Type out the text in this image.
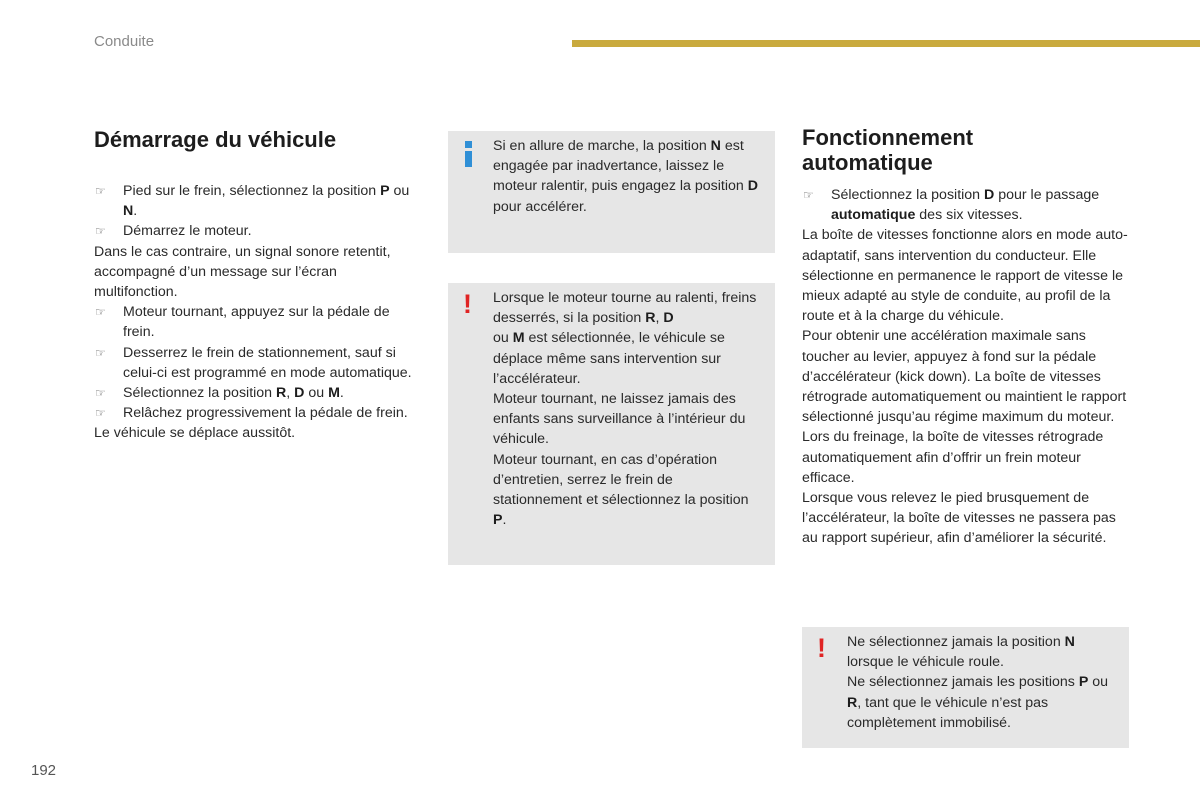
Conduite
Démarrage du véhicule

☞ Pied sur le frein, sélectionnez la position P ou N.

☞ Démarrez le moteur.

Dans le cas contraire, un signal sonore retentit, accompagné d’un message sur l’écran multifonction.

☞ Moteur tournant, appuyez sur la pédale de frein.

☞ Desserrez le frein de stationnement, sauf si celui-ci est programmé en mode automatique.

☞ Sélectionnez la position R, D ou M.

☞ Relâchez progressivement la pédale de frein.

Le véhicule se déplace aussitôt.

Si en allure de marche, la position N est engagée par inadvertance, laissez le moteur ralentir, puis engagez la position D pour accélérer.

! Lorsque le moteur tourne au ralenti, freins desserrés, si la position R, D
ou M est sélectionnée, le véhicule se déplace même sans intervention sur l’accélérateur.

Moteur tournant, ne laissez jamais des enfants sans surveillance à l’intérieur du véhicule.

Moteur tournant, en cas d’opération d’entretien, serrez le frein de stationnement et sélectionnez la position P.

Fonctionnement automatique

☞ Sélectionnez la position D pour le passage automatique des six vitesses.

La boîte de vitesses fonctionne alors en mode auto-adaptatif, sans intervention du conducteur. Elle sélectionne en permanence le rapport de vitesse le mieux adapté au style de conduite, au profil de la route et à la charge du véhicule.

Pour obtenir une accélération maximale sans toucher au levier, appuyez à fond sur la pédale d’accélérateur (kick down). La boîte de vitesses rétrograde automatiquement ou maintient le rapport sélectionné jusqu’au régime maximum du moteur.

Lors du freinage, la boîte de vitesses rétrograde automatiquement afin d’offrir un frein moteur efficace.

Lorsque vous relevez le pied brusquement de l’accélérateur, la boîte de vitesses ne passera pas au rapport supérieur, afin d’améliorer la sécurité.

! Ne sélectionnez jamais la position N lorsque le véhicule roule.

Ne sélectionnez jamais les positions P ou R, tant que le véhicule n’est pas complètement immobilisé.

192
